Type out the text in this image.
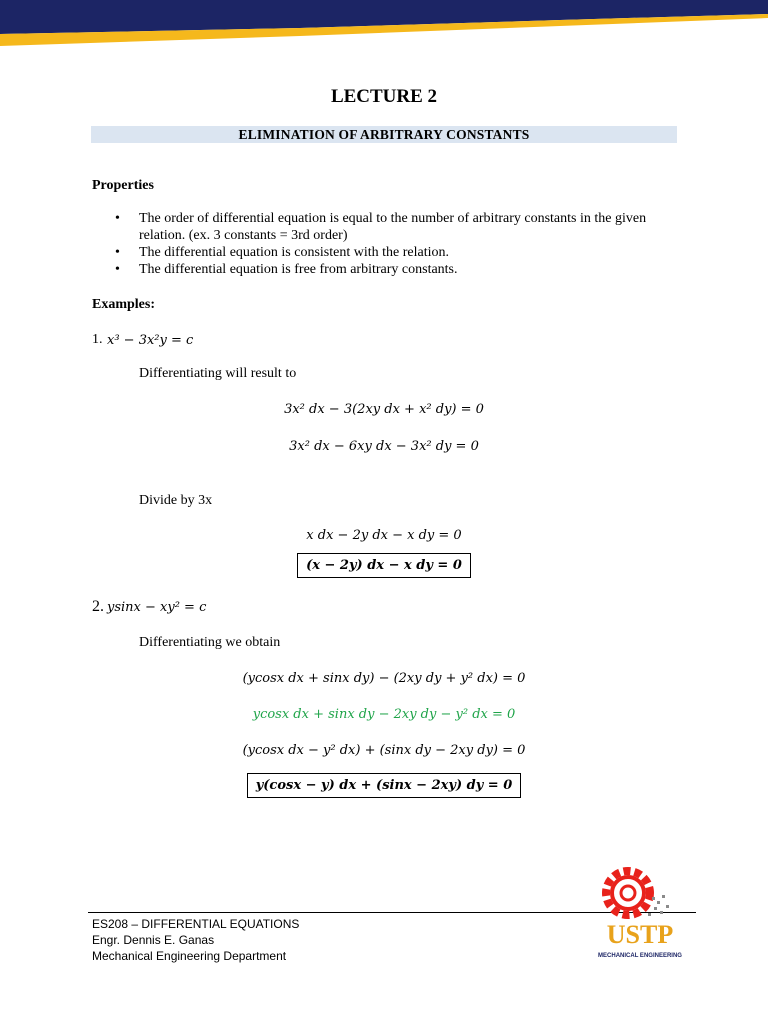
LECTURE 2
ELIMINATION OF ARBITRARY CONSTANTS
Properties
• The order of differential equation is equal to the number of arbitrary constants in the given relation. (ex. 3 constants = 3rd order)
• The differential equation is consistent with the relation.
• The differential equation is free from arbitrary constants.
Examples:
1. x³ − 3x²y = c
Differentiating will result to
3x² dx − 3(2xy dx + x² dy) = 0
3x² dx − 6xy dx − 3x² dy = 0
Divide by 3x
x dx − 2y dx − x dy = 0
(x − 2y) dx − x dy = 0
2. ysinx − xy² = c
Differentiating we obtain
(ycosx dx + sinx dy) − (2xy dy + y² dx) = 0
ycosx dx + sinx dy − 2xy dy − y² dx = 0
(ycosx dx − y² dx) + (sinx dy − 2xy dy) = 0
y(cosx − y) dx + (sinx − 2xy) dy = 0
ES208 – DIFFERENTIAL EQUATIONS
Engr. Dennis E. Ganas
Mechanical Engineering Department
USTP
MECHANICAL ENGINEERING
